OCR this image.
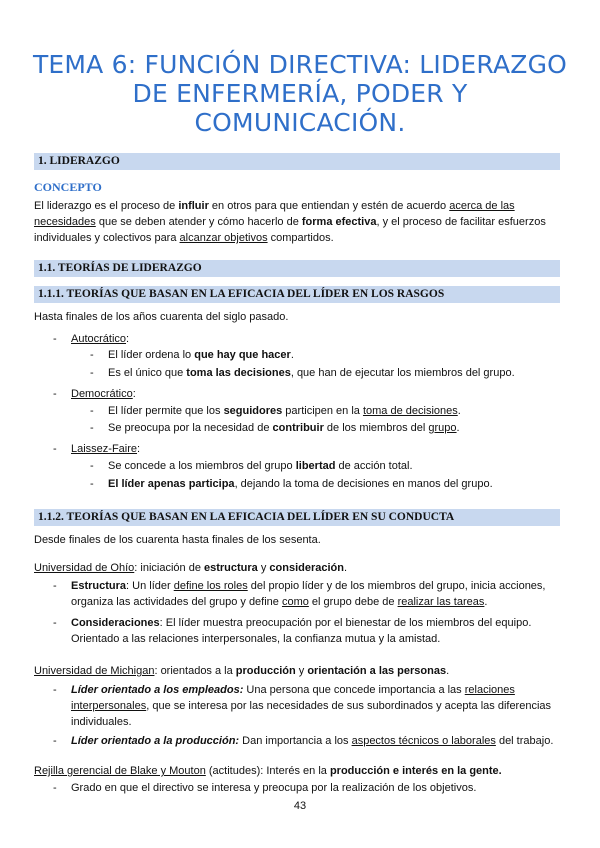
TEMA 6: FUNCIÓN DIRECTIVA: LIDERAZGO
DE ENFERMERÍA, PODER Y
COMUNICACIÓN.
1. LIDERAZGO
CONCEPTO
El liderazgo es el proceso de influir en otros para que entiendan y estén de acuerdo acerca de las
necesidades que se deben atender y cómo hacerlo de forma efectiva, y el proceso de facilitar esfuerzos
individuales y colectivos para alcanzar objetivos compartidos.
1.1. TEORÍAS DE LIDERAZGO
1.1.1. TEORÍAS QUE BASAN EN LA EFICACIA DEL LÍDER EN LOS RASGOS
Hasta finales de los años cuarenta del siglo pasado.
- Autocrático:
- El líder ordena lo que hay que hacer.
- Es el único que toma las decisiones, que han de ejecutar los miembros del grupo.
- Democrático:
- El líder permite que los seguidores participen en la toma de decisiones.
- Se preocupa por la necesidad de contribuir de los miembros del grupo.
- Laissez-Faire:
- Se concede a los miembros del grupo libertad de acción total.
- El líder apenas participa, dejando la toma de decisiones en manos del grupo.
1.1.2. TEORÍAS QUE BASAN EN LA EFICACIA DEL LÍDER EN SU CONDUCTA
Desde finales de los cuarenta hasta finales de los sesenta.
Universidad de Ohío: iniciación de estructura y consideración.
- Estructura: Un líder define los roles del propio líder y de los miembros del grupo, inicia acciones,
organiza las actividades del grupo y define como el grupo debe de realizar las tareas.
- Consideraciones: El líder muestra preocupación por el bienestar de los miembros del equipo.
Orientado a las relaciones interpersonales, la confianza mutua y la amistad.
Universidad de Michigan: orientados a la producción y orientación a las personas.
- Líder orientado a los empleados: Una persona que concede importancia a las relaciones
interpersonales, que se interesa por las necesidades de sus subordinados y acepta las diferencias
individuales.
- Líder orientado a la producción: Dan importancia a los aspectos técnicos o laborales del trabajo.
Rejilla gerencial de Blake y Mouton (actitudes): Interés en la producción e interés en la gente.
- Grado en que el directivo se interesa y preocupa por la realización de los objetivos.
43
